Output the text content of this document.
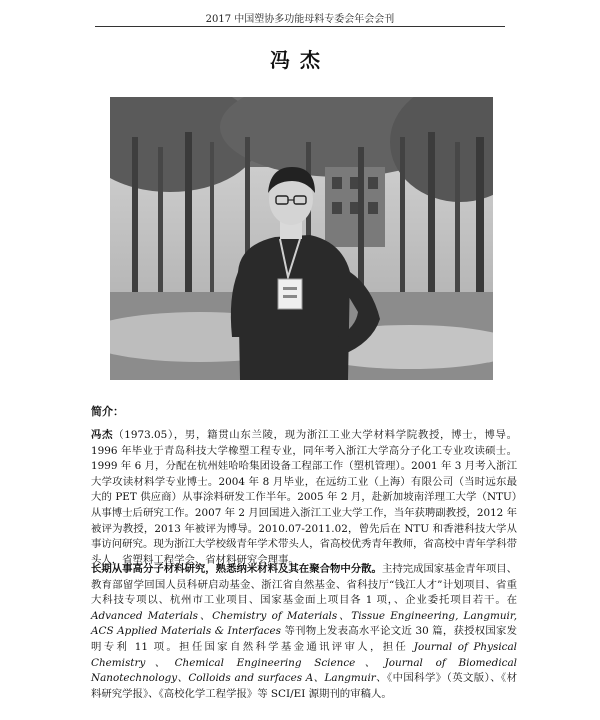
2017 中国塑协多功能母料专委会年会会刊
冯杰
简介：

冯杰（1973.05），男，籍贯山东兰陵，现为浙江工业大学材料学院教授，博士，博导。1996 年毕业于青岛科技大学橡塑工程专业，同年考入浙江大学高分子化工专业攻读硕士。1999 年 6 月，分配在杭州娃哈哈集团设备工程部工作（塑机管理）。2001 年 3 月考入浙江大学攻读材料学专业博士。2004 年 8 月毕业，在远纺工业（上海）有限公司（当时远东最大的 PET 供应商）从事涂料研发工作半年。2005 年 2 月，赴新加坡南洋理工大学（NTU）从事博士后研究工作。2007 年 2 月回国进入浙江工业大学工作，当年获聘副教授，2012 年被评为教授，2013 年被评为博导。2010.07-2011.02，曾先后在 NTU 和香港科技大学从事访问研究。现为浙江大学校级青年学术带头人，省高校优秀青年教师，省高校中青年学科带头人，省塑料工程学会、省材料研究会理事。

长期从事高分子材料研究，熟悉纳米材料及其在聚合物中分散。主持完成国家基金青年项目、教育部留学回国人员科研启动基金、浙江省自然基金、省科技厅“钱江人才”计划项目、省重大科技专项以、杭州市工业项目、国家基金面上项目各 1 项，、企业委托项目若干。在 Advanced Materials、Chemistry of Materials、Tissue Engineering, Langmuir, ACS Applied Materials & Interfaces 等刊物上发表高水平论文近 30 篇，获授权国家发明专利 11 项。担任国家自然科学基金通讯评审人，担任 Journal of Physical Chemistry、Chemical Engineering Science、Journal of Biomedical Nanotechnology、Colloids and surfaces A、Langmuir、《中国科学》（英文版）、《材料研究学报》、《高校化学工程学报》等 SCI/EI 源期刊的审稿人。
